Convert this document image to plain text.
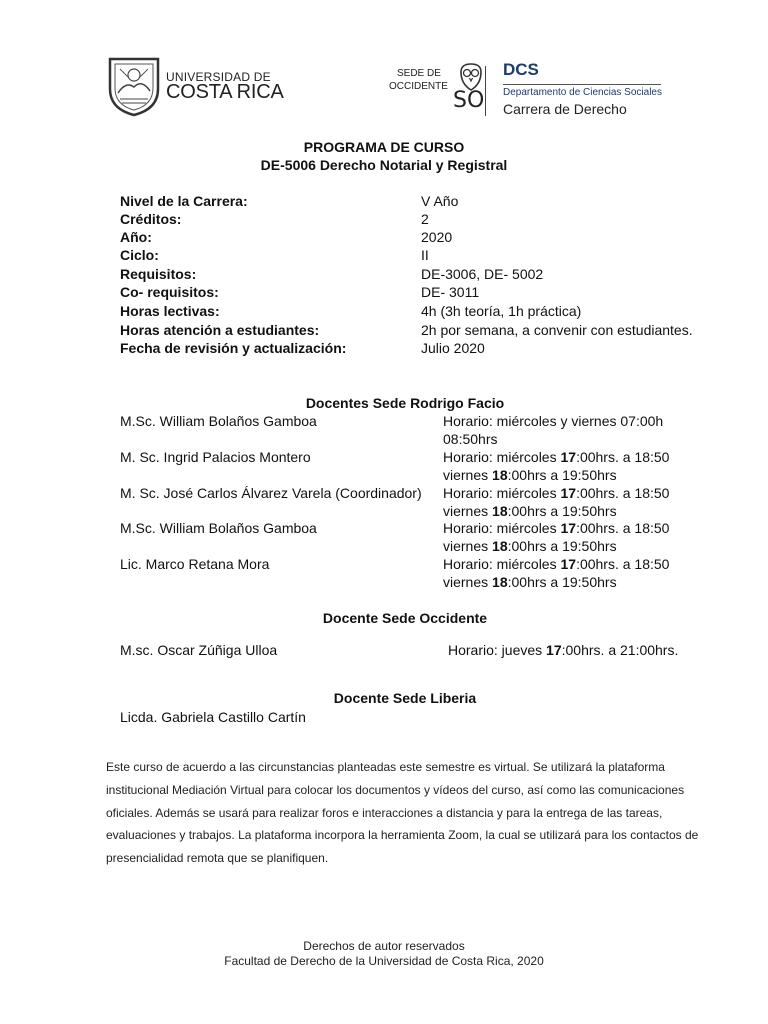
UNIVERSIDAD DE
COSTA RICA
SEDE DE
OCCIDENTE
SO
DCS
Departamento de Ciencias Sociales
Carrera de Derecho
PROGRAMA DE CURSO
DE-5006 Derecho Notarial y Registral
Nivel de la Carrera:	V Año
Créditos:	2
Año:	2020
Ciclo:	II
Requisitos:	DE-3006, DE- 5002
Co- requisitos:	DE- 3011
Horas lectivas:	4h (3h teoría, 1h práctica)
Horas atención a estudiantes:	2h por semana, a convenir con estudiantes.
Fecha de revisión y actualización:	Julio 2020
Docentes Sede Rodrigo Facio
M.Sc. William Bolaños Gamboa	Horario: miércoles y viernes 07:00h
08:50hrs
M. Sc. Ingrid Palacios Montero	Horario: miércoles 17:00hrs. a 18:50
viernes 18:00hrs a 19:50hrs
M. Sc. José Carlos Álvarez Varela (Coordinador) Horario: miércoles 17:00hrs. a 18:50
viernes 18:00hrs a 19:50hrs
M.Sc. William Bolaños Gamboa	Horario: miércoles 17:00hrs. a 18:50
viernes 18:00hrs a 19:50hrs
Lic. Marco Retana Mora	Horario: miércoles 17:00hrs. a 18:50
viernes 18:00hrs a 19:50hrs
Docente Sede Occidente
M.sc. Oscar Zúñiga Ulloa	Horario: jueves 17:00hrs. a 21:00hrs.
Docente Sede Liberia
Licda. Gabriela Castillo Cartín
Este curso de acuerdo a las circunstancias planteadas este semestre es virtual. Se utilizará la plataforma institucional Mediación Virtual para colocar los documentos y vídeos del curso, así como las comunicaciones oficiales. Además se usará para realizar foros e interacciones a distancia y para la entrega de las tareas, evaluaciones y trabajos. La plataforma incorpora la herramienta Zoom, la cual se utilizará para los contactos de presencialidad remota que se planifiquen.
Derechos de autor reservados
Facultad de Derecho de la Universidad de Costa Rica, 2020
